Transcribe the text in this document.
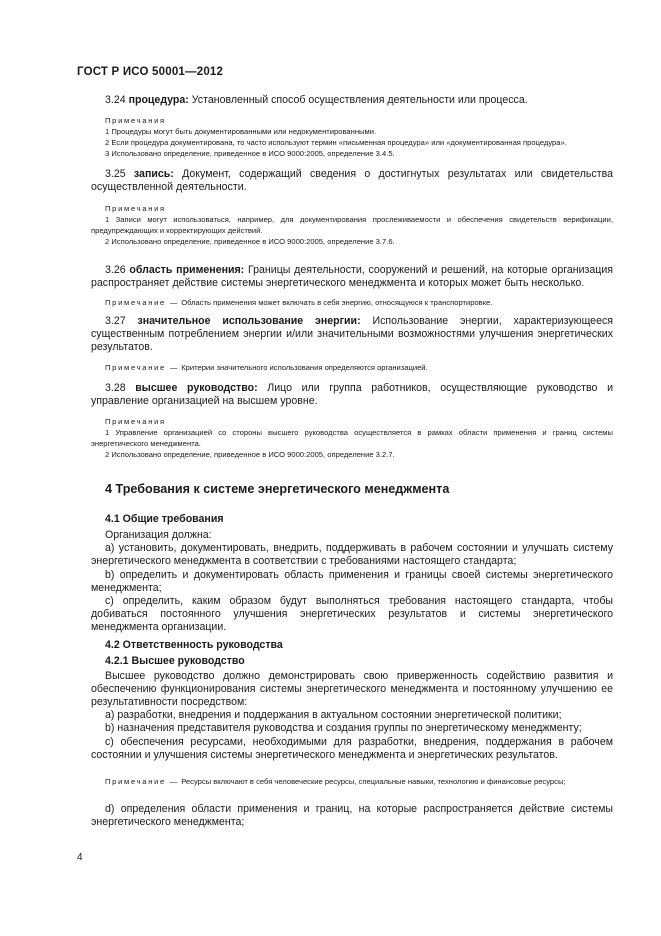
ГОСТ Р ИСО 50001—2012

3.24 процедура: Установленный способ осуществления деятельности или процесса.

Примечания

1 Процедуры могут быть документированными или недокументированными.

2 Если процедура документирована, то часто используют термин «письменная процедура» или «документированная процедура».

3 Использовано определение, приведенное в ИСО 9000:2005, определение 3.4.5.

3.25 запись: Документ, содержащий сведения о достигнутых результатах или свидетельства осуществленной деятельности.

Примечания

1 Записи могут использоваться, например, для документирования прослеживаемости и обеспечения свидетельств верификации, предупреждающих и корректирующих действий.

2 Использовано определение, приведенное в ИСО 9000:2005, определение 3.7.6.

3.26 область применения: Границы деятельности, сооружений и решений, на которые организация распространяет действие системы энергетического менеджмента и которых может быть несколько.

Примечание — Область применения может включать в себя энергию, относящуюся к транспортировке.

3.27 значительное использование энергии: Использование энергии, характеризующееся существенным потреблением энергии и/или значительными возможностями улучшения энергетических результатов.

Примечание — Критерии значительного использования определяются организацией.

3.28 высшее руководство: Лицо или группа работников, осуществляющие руководство и управление организацией на высшем уровне.

Примечания

1 Управление организацией со стороны высшего руководства осуществляется в рамках области применения и границ системы энергетического менеджмента.

2 Использовано определение, приведенное в ИСО 9000:2005, определение 3.2.7.

4 Требования к системе энергетического менеджмента

4.1 Общие требования

Организация должна:

a) установить, документировать, внедрить, поддерживать в рабочем состоянии и улучшать систему энергетического менеджмента в соответствии с требованиями настоящего стандарта;

b) определить и документировать область применения и границы своей системы энергетического менеджмента;

c) определить, каким образом будут выполняться требования настоящего стандарта, чтобы добиваться постоянного улучшения энергетических результатов и системы энергетического менеджмента организации.

4.2 Ответственность руководства

4.2.1 Высшее руководство

Высшее руководство должно демонстрировать свою приверженность содействию развития и обеспечению функционирования системы энергетического менеджмента и постоянному улучшению ее результативности посредством:

a) разработки, внедрения и поддержания в актуальном состоянии энергетической политики;

b) назначения представителя руководства и создания группы по энергетическому менеджменту;

c) обеспечения ресурсами, необходимыми для разработки, внедрения, поддержания в рабочем состоянии и улучшения системы энергетического менеджмента и энергетических результатов.

Примечание — Ресурсы включают в себя человеческие ресурсы, специальные навыки, технологию и финансовые ресурсы;

d) определения области применения и границ, на которые распространяется действие системы энергетического менеджмента;

4
